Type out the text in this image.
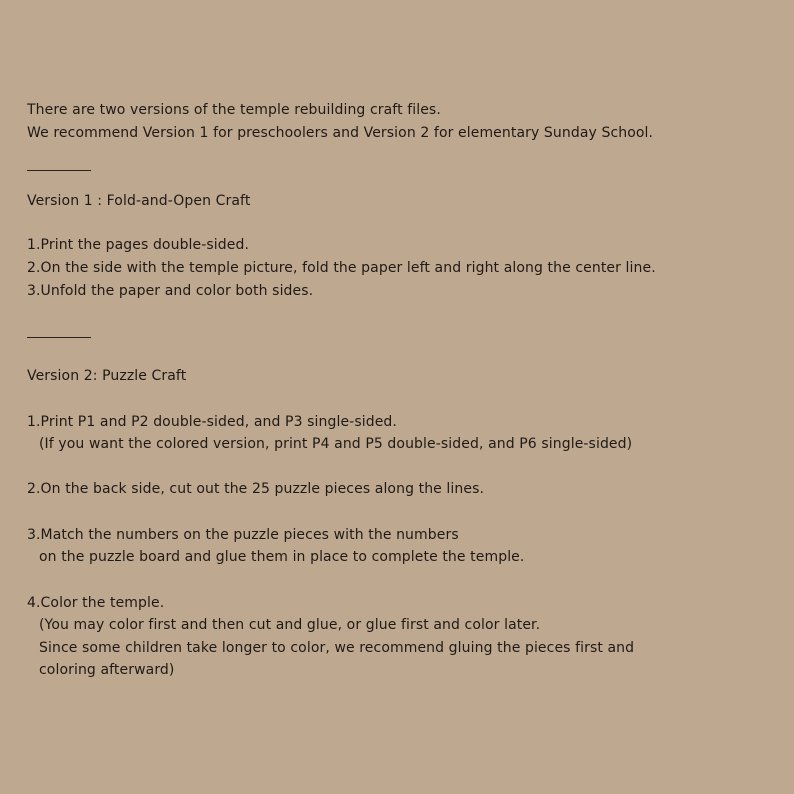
There are two versions of the temple rebuilding craft files.
We recommend Version 1 for preschoolers and Version 2 for elementary Sunday School.
Version 1 : Fold-and-Open Craft
1.Print the pages double-sided.
2.On the side with the temple picture, fold the paper left and right along the center line.
3.Unfold the paper and color both sides.
Version 2: Puzzle Craft
1.Print P1 and P2 double-sided, and P3 single-sided.
(If you want the colored version, print P4 and P5 double-sided, and P6 single-sided)
2.On the back side, cut out the 25 puzzle pieces along the lines.
3.Match the numbers on the puzzle pieces with the numbers
on the puzzle board and glue them in place to complete the temple.
4.Color the temple.
(You may color first and then cut and glue, or glue first and color later.
Since some children take longer to color, we recommend gluing the pieces first and
coloring afterward)
